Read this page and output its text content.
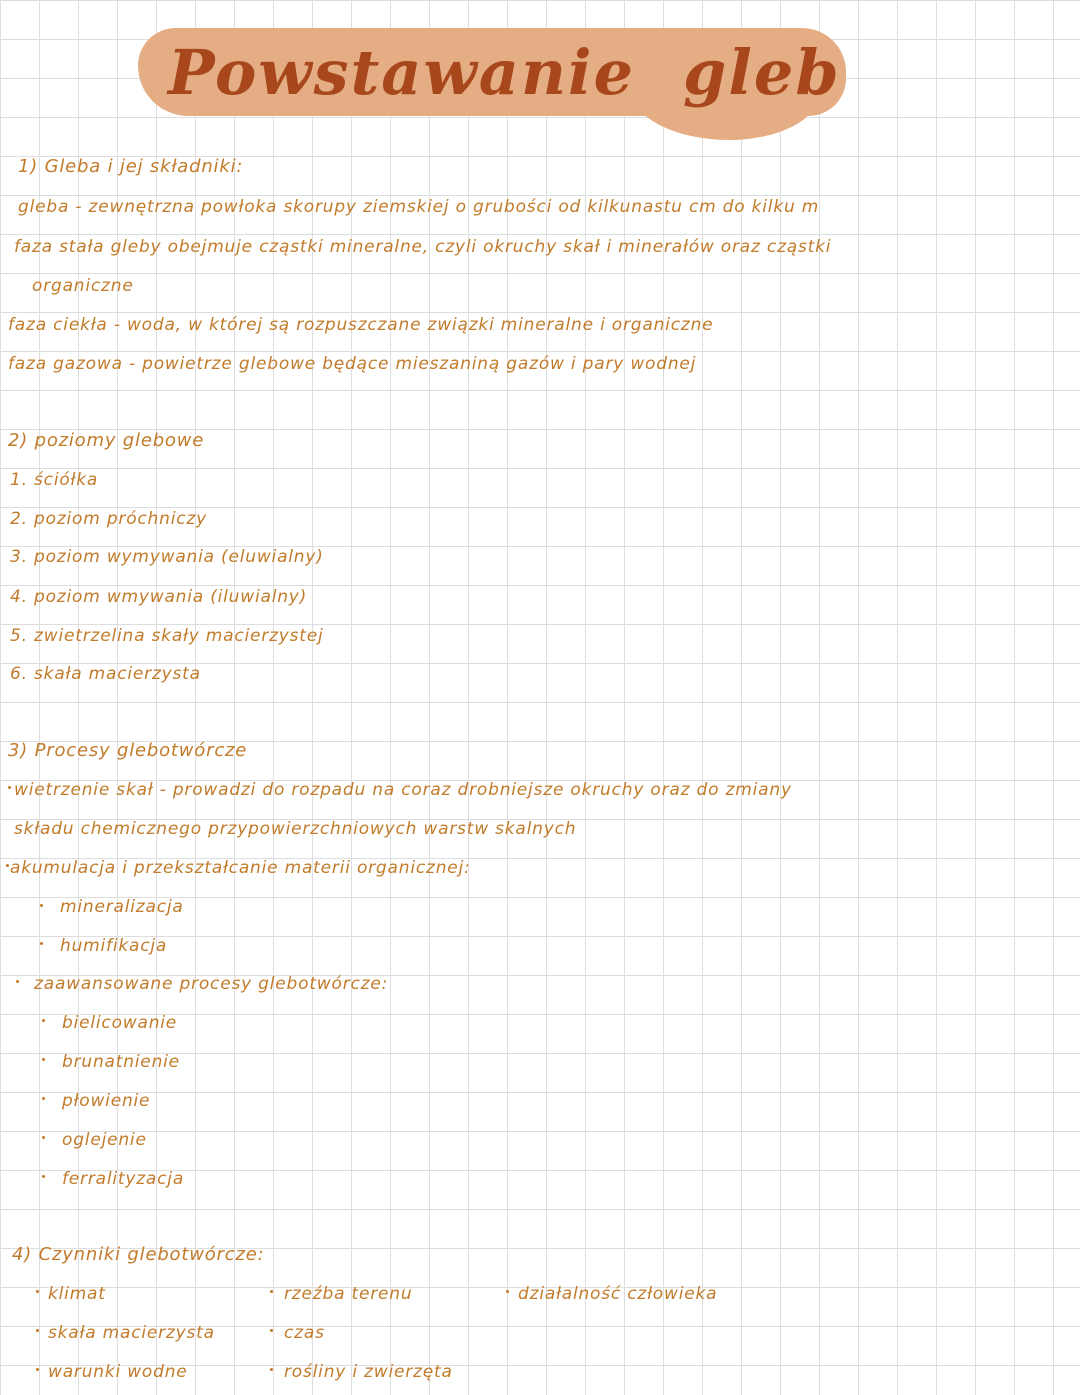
Powstawanie gleb
1) Gleba i jej składniki:
gleba - zewnętrzna powłoka skorupy ziemskiej o grubości od kilkunastu cm do kilku m
faza stała gleby obejmuje cząstki mineralne, czyli okruchy skał i minerałów oraz cząstki
organiczne
faza ciekła - woda, w której są rozpuszczane związki mineralne i organiczne
faza gazowa - powietrze glebowe będące mieszaniną gazów i pary wodnej
2) poziomy glebowe
1. ściółka
2. poziom próchniczy
3. poziom wymywania (eluwialny)
4. poziom wmywania (iluwialny)
5. zwietrzelina skały macierzystej
6. skała macierzysta
3) Procesy glebotwórcze
wietrzenie skał - prowadzi do rozpadu na coraz drobniejsze okruchy oraz do zmiany
składu chemicznego przypowierzchniowych warstw skalnych
akumulacja i przekształcanie materii organicznej:
mineralizacja
humifikacja
zaawansowane procesy glebotwórcze:
bielicowanie
brunatnienie
płowienie
oglejenie
ferralityzacja
4) Czynniki glebotwórcze:
klimat
skała macierzysta
warunki wodne
rzeźba terenu
czas
rośliny i zwierzęta
działalność człowieka
